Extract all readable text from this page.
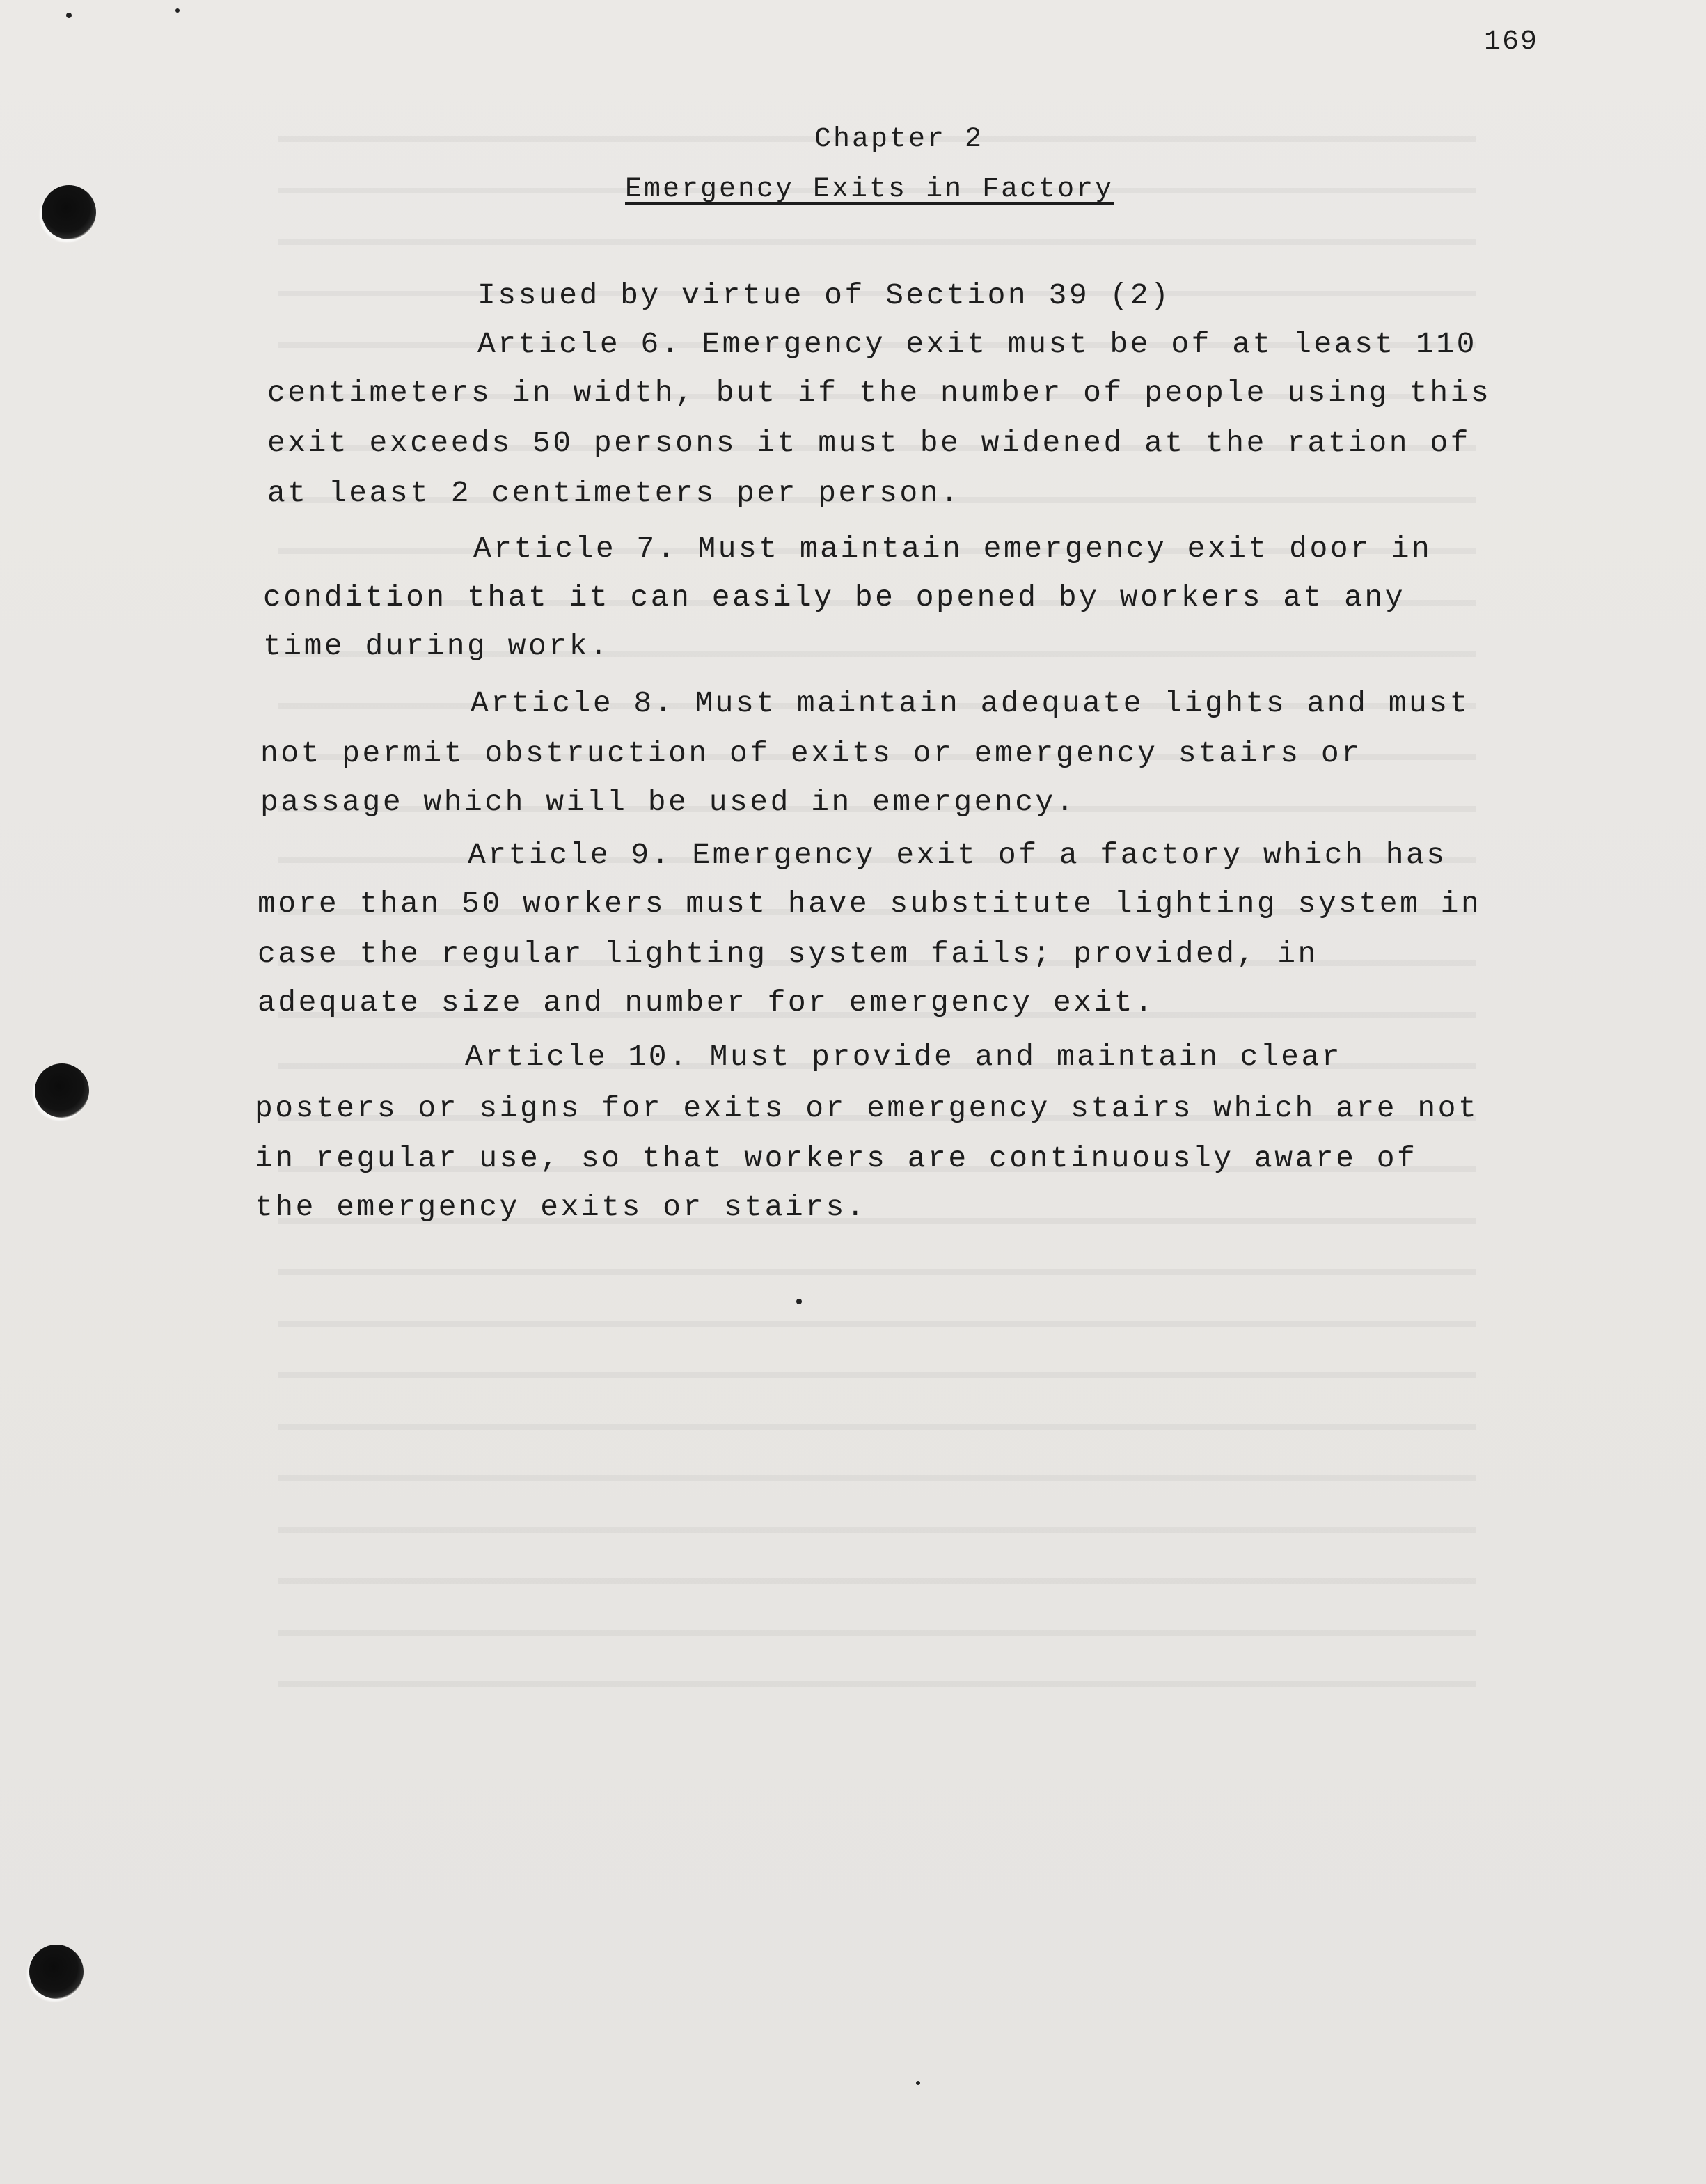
169
Chapter 2
Emergency Exits in Factory
Issued by virtue of Section 39 (2)
Article 6. Emergency exit must be of at least 110
centimeters in width, but if the number of people using this
exit exceeds 50 persons it must be widened at the ration of
at least 2 centimeters per person.
Article 7. Must maintain emergency exit door in
condition that it can easily be opened by workers at any
time during work.
Article 8. Must maintain adequate lights and must
not permit obstruction of exits or emergency stairs or
passage which will be used in emergency.
Article 9. Emergency exit of a factory which has
more than 50 workers must have substitute lighting system in
case the regular lighting system fails; provided, in
adequate size and number for emergency exit.
Article 10. Must provide and maintain clear
posters or signs for exits or emergency stairs which are not
in regular use, so that workers are continuously aware of
the emergency exits or stairs.
